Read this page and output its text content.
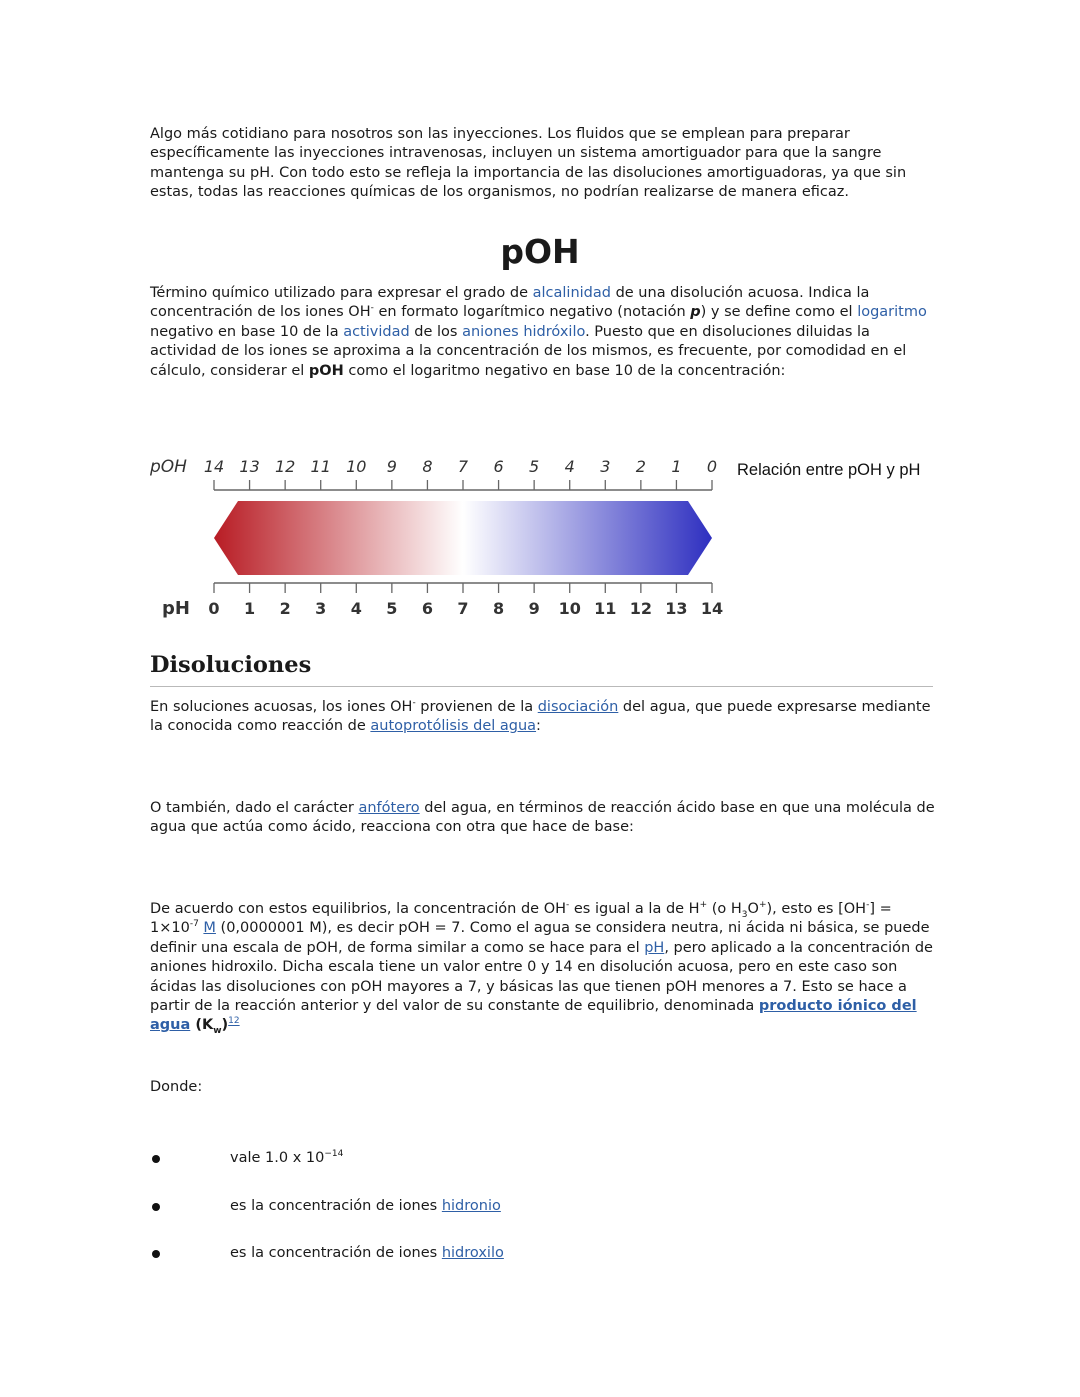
Algo más cotidiano para nosotros son las inyecciones. Los fluidos que se emplean para preparar específicamente las inyecciones intravenosas, incluyen un sistema amortiguador para que la sangre mantenga su pH. Con todo esto se refleja la importancia de las disoluciones amortiguadoras, ya que sin estas, todas las reacciones químicas de los organismos, no podrían realizarse de manera eficaz.

pOH

Término químico utilizado para expresar el grado de alcalinidad de una disolución acuosa. Indica la concentración de los iones OH- en formato logarítmico negativo (notación p) y se define como el logaritmo negativo en base 10 de la actividad de los aniones hidróxilo. Puesto que en disoluciones diluidas la actividad de los iones se aproxima a la concentración de los mismos, es frecuente, por comodidad en el cálculo, considerar el pOH como el logaritmo negativo en base 10 de la concentración:

pOH
pH
14 13 12 11 10 9 8 7 6 5 4 3 2 1 0
0 1 2 3 4 5 6 7 8 9 10 11 12 13 14
Relación entre pOH y pH
Disoluciones

En soluciones acuosas, los iones OH- provienen de la disociación del agua, que puede expresarse mediante la conocida como reacción de autoprotólisis del agua:

O también, dado el carácter anfótero del agua, en términos de reacción ácido base en que una molécula de agua que actúa como ácido, reacciona con otra que hace de base:

De acuerdo con estos equilibrios, la concentración de OH- es igual a la de H+ (o $H_3O^+$), esto es $[OH^-] = 1\times 10^{-7}$ M (0,0000001 M), es decir pOH = 7. Como el agua se considera neutra, ni ácida ni básica, se puede definir una escala de pOH, de forma similar a como se hace para el pH, pero aplicado a la concentración de aniones hidroxilo. Dicha escala tiene un valor entre 0 y 14 en disolución acuosa, pero en este caso son ácidas las disoluciones con pOH mayores a 7, y básicas las que tienen pOH menores a 7. Esto se hace a partir de la reacción anterior y del valor de su constante de equilibrio, denominada producto iónico del agua $(K_w)^{12}$

Donde:

vale 1.0 x $10^{-14}$
es la concentración de iones hidronio
es la concentración de iones hidroxilo
